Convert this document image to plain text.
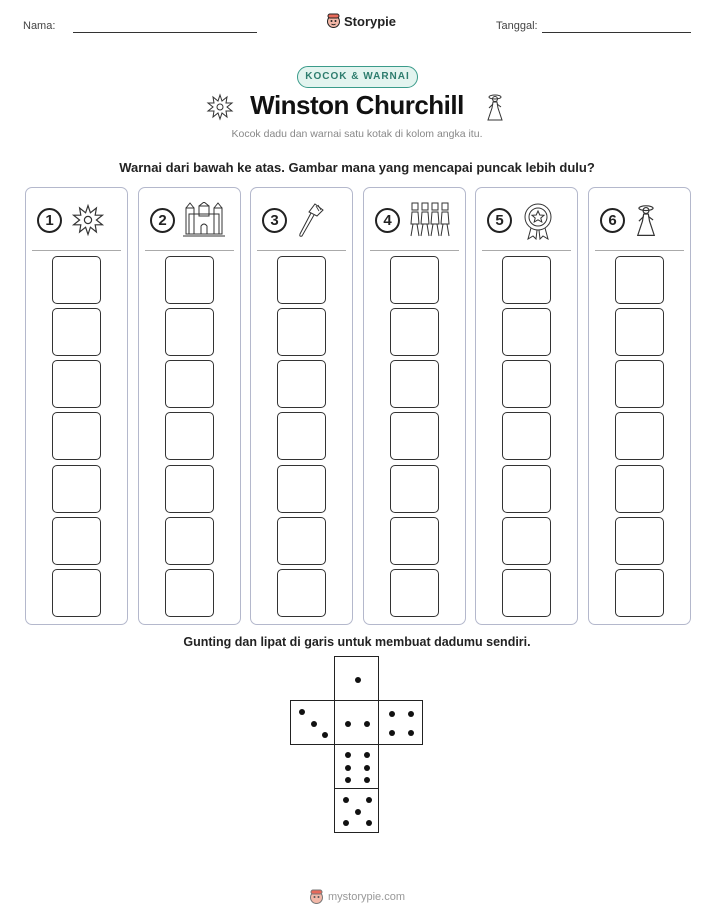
Nama:	Storypie	Tanggal:
KOCOK & WARNAI
Winston Churchill
Kocok dadu dan warnai satu kotak di kolom angka itu.
Warnai dari bawah ke atas. Gambar mana yang mencapai puncak lebih dulu?
1	2	3	4	5	6
Gunting dan lipat di garis untuk membuat dadumu sendiri.
mystorypie.com
